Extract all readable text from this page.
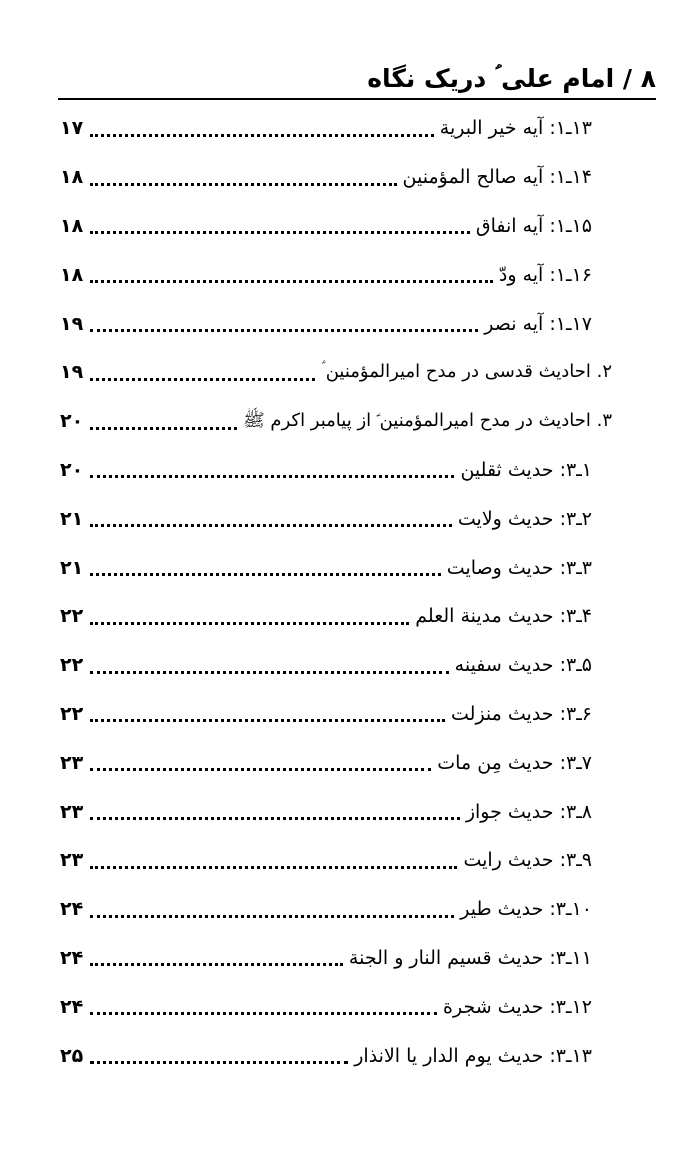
۸ / امام علی ؑ دریک نگاه
۱۳ـ۱: آیه خیر البریة
۱۷
۱۴ـ۱: آیه صالح المؤمنین
۱۸
۱۵ـ۱: آیه انفاق
۱۸
۱۶ـ۱: آیه ودّ
۱۸
۱۷ـ۱: آیه نصر
۱۹
۲. احادیث قدسی در مدح امیرالمؤمنین ؑ
۱۹
۳. احادیث در مدح امیرالمؤمنین ؑ از پیامبر اکرم ﷺ
۲۰
۱ـ۳: حدیث ثقلین
۲۰
۲ـ۳: حدیث ولایت
۲۱
۳ـ۳: حدیث وصایت
۲۱
۴ـ۳: حدیث مدینة العلم
۲۲
۵ـ۳: حدیث سفینه
۲۲
۶ـ۳: حدیث منزلت
۲۲
۷ـ۳: حدیث مِن مات
۲۳
۸ـ۳: حدیث جواز
۲۳
۹ـ۳: حدیث رایت
۲۳
۱۰ـ۳: حدیث طیر
۲۴
۱۱ـ۳: حدیث قسیم النار و الجنة
۲۴
۱۲ـ۳: حدیث شجرة
۲۴
۱۳ـ۳: حدیث یوم الدار یا الانذار
۲۵
